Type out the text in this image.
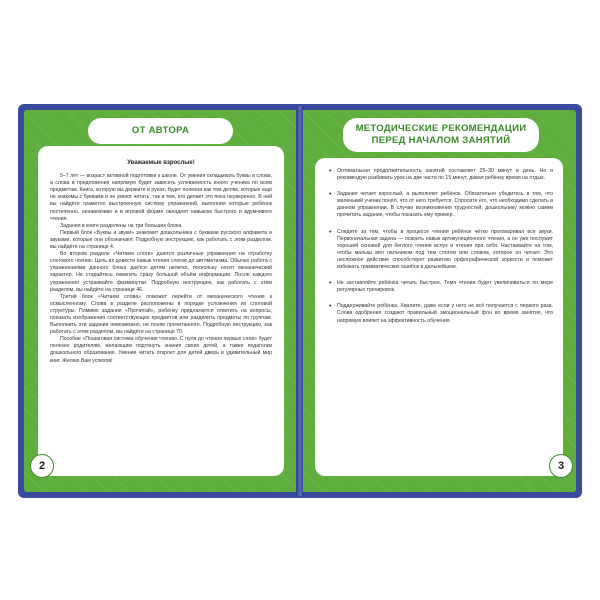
ОТ АВТОРА
Уважаемые взрослые!

5–7 лет — возраст активной подготовки к школе. От умения складывать буквы в слова, а слова в предложения напрямую будет зависеть успеваемость юного ученика по всем предметам. Книга, которую вы держите в руках, будет полезна как тем детям, которые ещё не знакомы с буквами и не умеют читать, так и тем, кто делает это пока неуверенно. В ней вы найдёте грамотно выстроенную систему упражнений, выполняя которые ребёнок постепенно, ненавязчиво и в игровой форме овладеет навыком быстрого и вдумчивого чтения.

Задания в книге разделены на три больших блока.

Первый блок «Буквы и звуки» знакомит дошкольника с буквами русского алфавита и звуками, которые они обозначают. Подробную инструкцию, как работать с этим разделом, вы найдёте на странице 4.

Во втором разделе «Читаем слоги» даются различные упражнения на отработку слогового чтения. Цель их довести навык чтения слогов до автоматизма. Обычно работа с упражнениями данного блока даётся детям нелегко, поскольку носит механический характер. Не старайтесь охватить сразу большой объём информации. После каждого упражнения устраивайте физминутки. Подробную инструкцию, как работать с этим разделом, вы найдёте на странице 46.

Третий блок «Читаем слова» поможет перейти от механического чтения к осмысленному. Слова в разделе расположены в порядке усложнения их слоговой структуры. Помимо задания «Прочитай», ребёнку предлагается ответить на вопросы, показать изображения соответствующих предметов или разделить предметы по группам. Выполнить эти задания невозможно, не поняв прочитанного. Подробную инструкцию, как работать с этим разделом, вы найдёте на странице 70.

Пособие «Пошаговая система обучения чтению. С нуля до чтения первых слов» будет полезно родителям, желающим подтянуть знания своих детей, а также педагогам дошкольного образования. Умение читать откроет для детей дверь в удивительный мир книг. Желаю Вам успехов!

2
МЕТОДИЧЕСКИЕ РЕКОМЕНДАЦИИ
ПЕРЕД НАЧАЛОМ ЗАНЯТИЙ
• Оптимальная продолжительность занятий составляет 25–30 минут в день. Но я рекомендую разбивать урок на две части по 15 минут, давая ребёнку время на отдых.
• Задания читает взрослый, а выполняет ребёнок. Обязательно убедитесь в том, что маленький ученик понял, что от него требуется. Спросите его, что необходимо сделать в данном упражнении. В случае возникновения трудностей, дошкольнику можно самим прочитать задание, чтобы показать ему пример.
• Следите за тем, чтобы в процессе чтения ребёнок чётко проговаривал все звуки. Первоначальная задача — освоить навык артикуляционного чтения, а он уже послужит хорошей основой для беглого чтения вслух и чтения про себя. Настаивайте на том, чтобы малыш вёл пальчиком под тем слогом или словом, которое он читает. Это несложное действие способствует развитию орфографической зоркости и поможет избежать грамматических ошибок в дальнейшем.
• Не заставляйте ребёнка читать быстрее. Темп чтения будет увеличиваться по мере регулярных тренировок.
• Поддерживайте ребёнка. Хвалите, даже если у него не всё получается с первого раза. Слова одобрения создают правильный эмоциональный фон во время занятия, что напрямую влияет на эффективность обучения.
3
